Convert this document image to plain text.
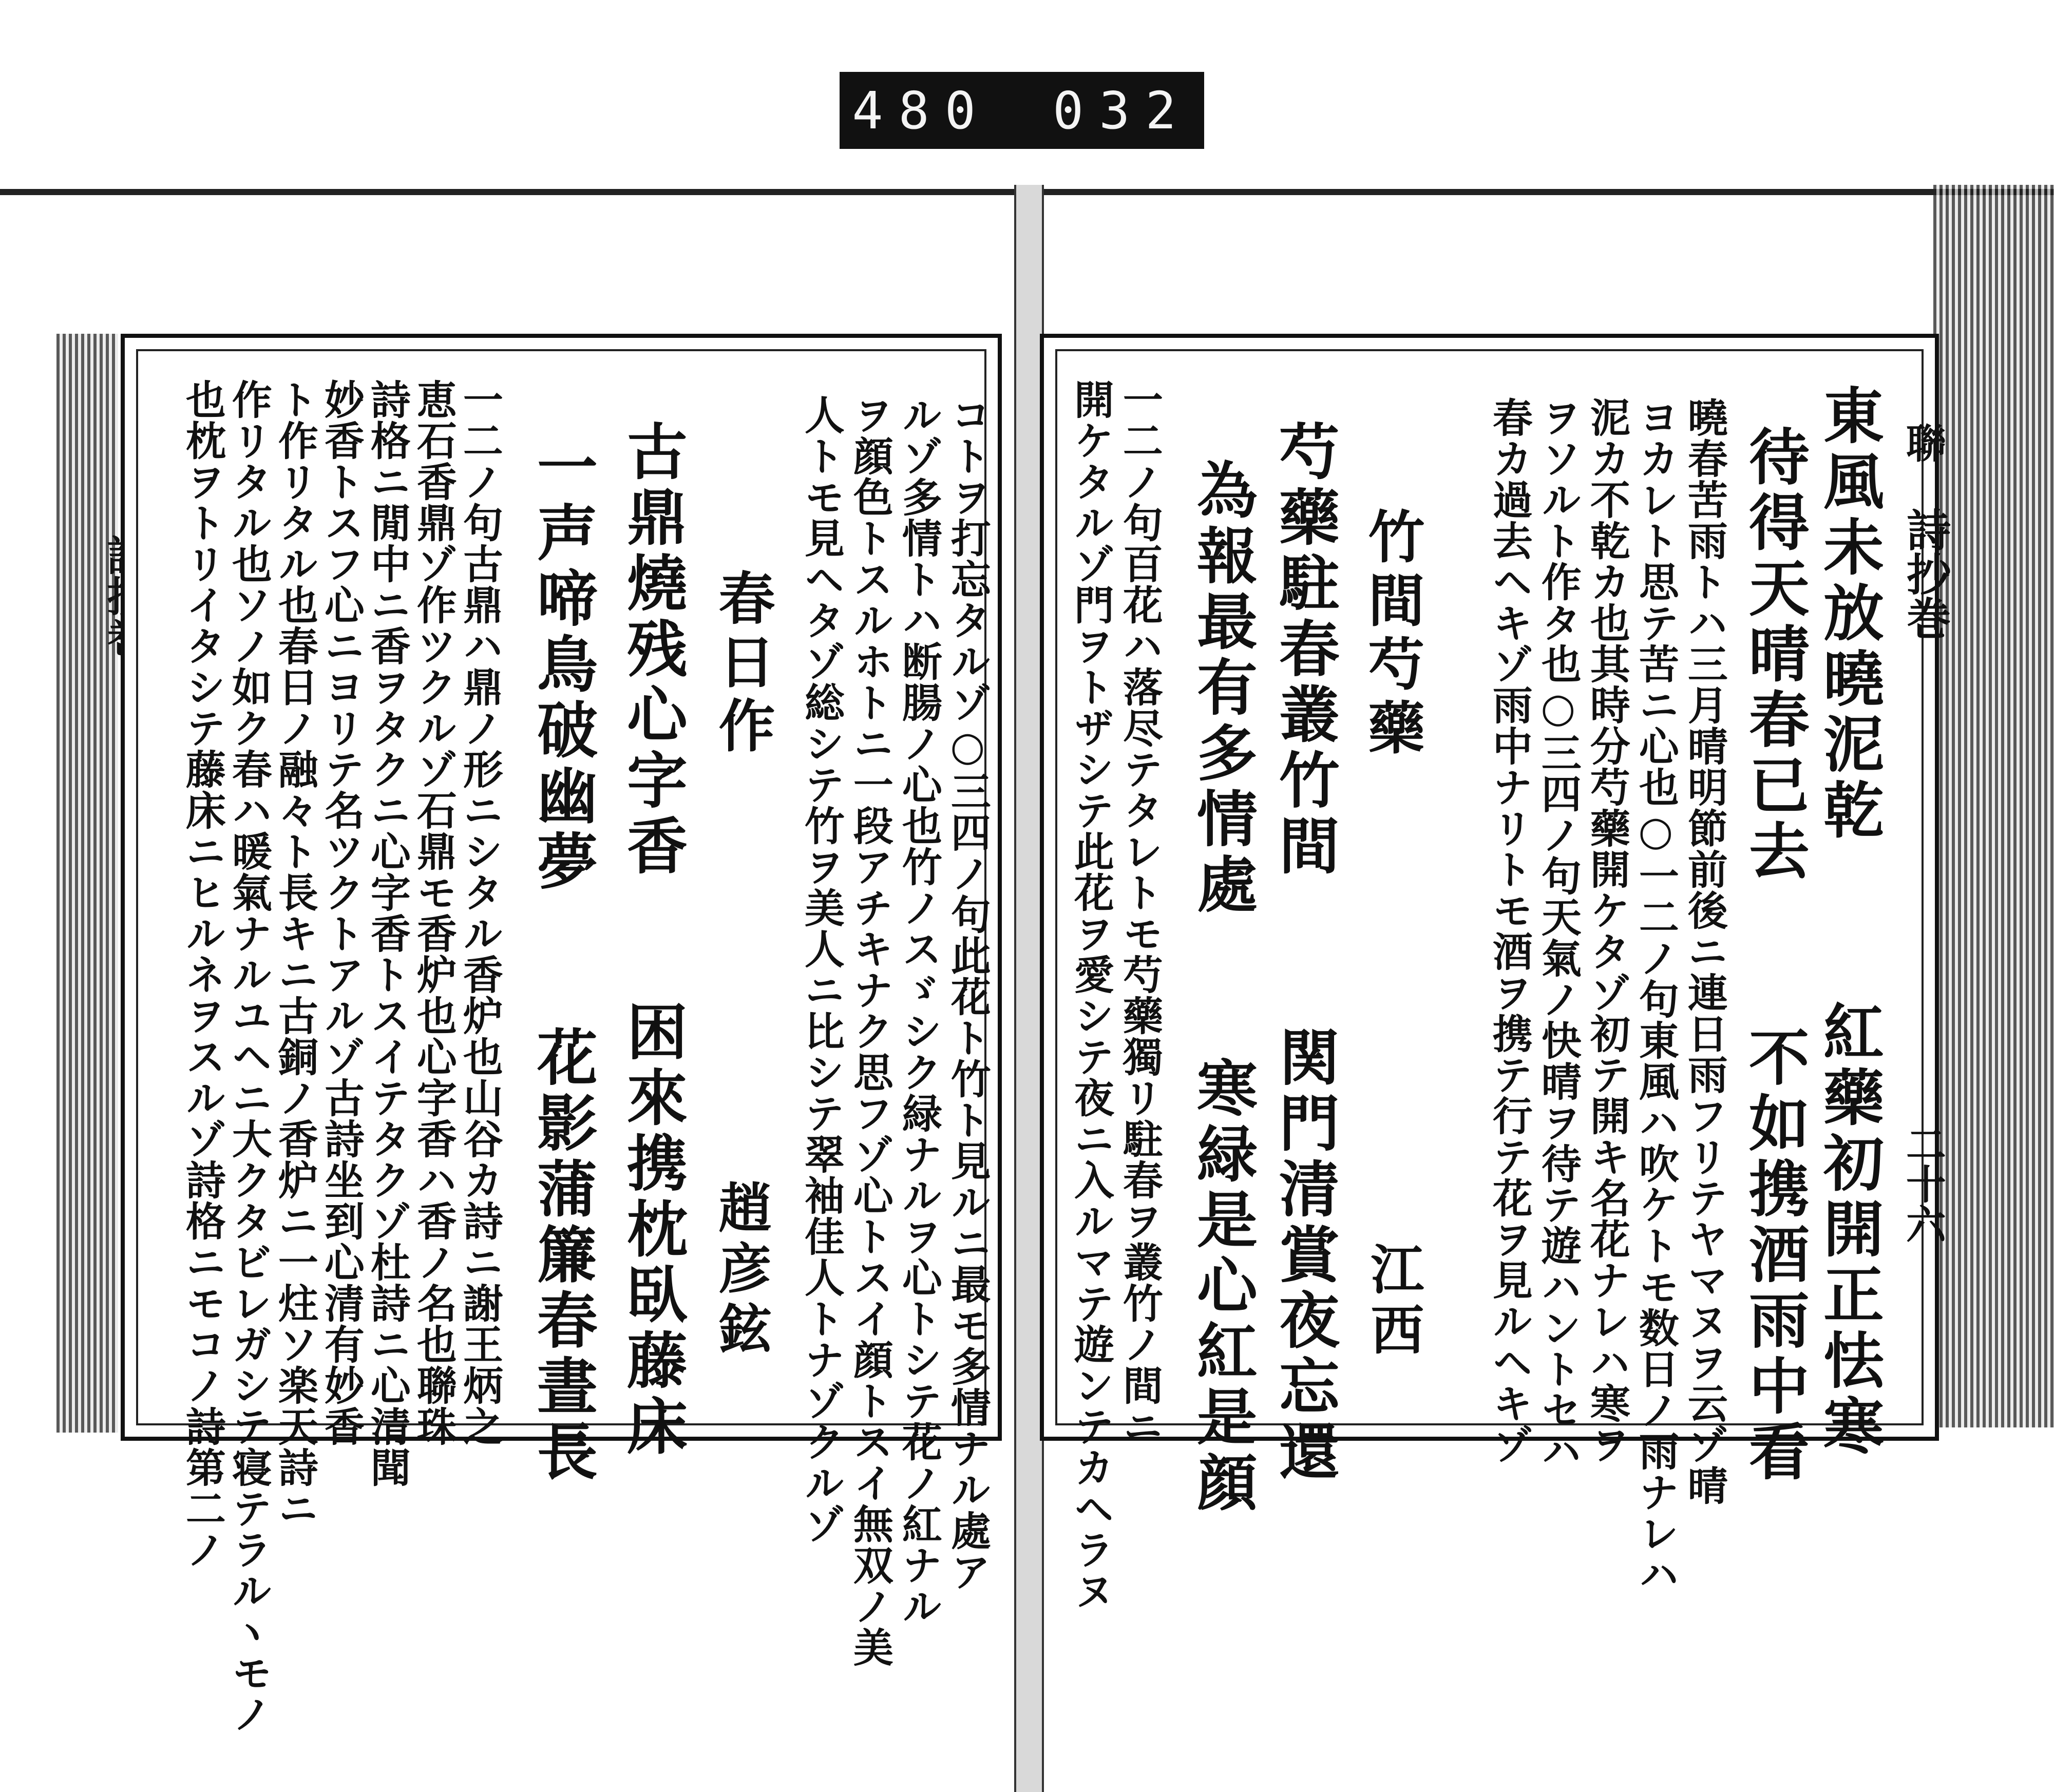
480 032
聯
詩抄巻
二十六
東風未放曉泥乾
待得天晴春已去
紅藥初開正怯寒
不如携酒雨中看
曉春苦雨トハ三月晴明節前後ニ連日雨フリテヤマヌヲ云ゾ晴
ヨカレト思テ苦ニ心也○一二ノ句東風ハ吹ケトモ数日ノ雨ナレハ
泥カ不乾カ也其時分芍藥開ケタゾ初テ開キ名花ナレハ寒ヲ
ヲソルト作タ也○三四ノ句天氣ノ快晴ヲ待テ遊ハントセハ
春カ過去ヘキゾ雨中ナリトモ酒ヲ携テ行テ花ヲ見ルヘキゾ
竹間芍藥
江西
芍藥駐春叢竹間
為報最有多情處
関門清賞夜忘還
寒緑是心紅是顔
一二ノ句百花ハ落尽テタレトモ芍藥獨リ駐春ヲ叢竹ノ間ニ
開ケタルゾ門ヲトザシテ此花ヲ愛シテ夜ニ入ルマテ遊ンテカヘラヌ
コトヲ打忘タルゾ○三四ノ句此花ト竹ト見ルニ最モ多情ナル處ア
ルゾ多情トハ断腸ノ心也竹ノスゞシク緑ナルヲ心トシテ花ノ紅ナル
ヲ顔色トスルホトニ一段アチキナク思フゾ心トスイ顔トスイ無双ノ美
人トモ見ヘタゾ総シテ竹ヲ美人ニ比シテ翠袖佳人トナゾクルゾ
春日作
趙彦鉉
古鼎燒残心字香
一声啼鳥破幽夢
困來携枕臥藤床
花影蒲簾春晝長
一二ノ句古鼎ハ鼎ノ形ニシタル香炉也山谷カ詩ニ謝王炳之
恵石香鼎ゾ作ツクルゾ石鼎モ香炉也心字香ハ香ノ名也聯珠
詩格ニ閒中ニ香ヲタクニ心字香トスイテタクゾ杜詩ニ心清聞
妙香トスフ心ニヨリテ名ツクトアルゾ古詩坐到心清有妙香
ト作リタル也春日ノ融々ト長キニ古銅ノ香炉ニ一炷ソ楽天詩ニ
作リタル也ソノ如ク春ハ暖氣ナルユヘニ大クタビレガシテ寝テラルヽモノ
也枕ヲトリイタシテ藤床ニヒルネヲスルゾ詩格ニモコノ詩第二ノ
